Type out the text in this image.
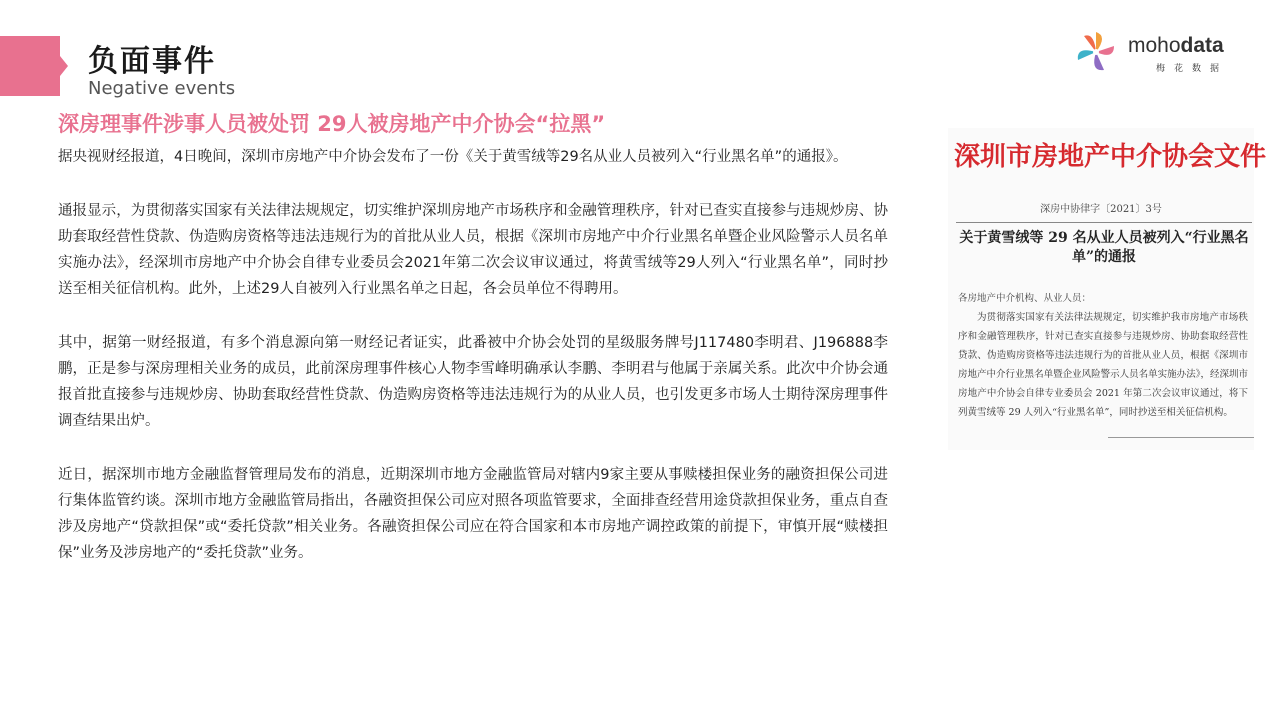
负面事件
Negative events
mohodata
梅花数据
深房理事件涉事人员被处罚 29人被房地产中介协会“拉黑”

据央视财经报道，4日晚间，深圳市房地产中介协会发布了一份《关于黄雪绒等29名从业人员被列入“行业黑名单”的通报》。

通报显示，为贯彻落实国家有关法律法规规定，切实维护深圳房地产市场秩序和金融管理秩序，针对已查实直接参与违规炒房、协助套取经营性贷款、伪造购房资格等违法违规行为的首批从业人员，根据《深圳市房地产中介行业黑名单暨企业风险警示人员名单实施办法》，经深圳市房地产中介协会自律专业委员会2021年第二次会议审议通过，将黄雪绒等29人列入“行业黑名单”，同时抄送至相关征信机构。此外，上述29人自被列入行业黑名单之日起，各会员单位不得聘用。

其中，据第一财经报道，有多个消息源向第一财经记者证实，此番被中介协会处罚的星级服务牌号J117480李明君、J196888李鹏，正是参与深房理相关业务的成员，此前深房理事件核心人物李雪峰明确承认李鹏、李明君与他属于亲属关系。此次中介协会通报首批直接参与违规炒房、协助套取经营性贷款、伪造购房资格等违法违规行为的从业人员，也引发更多市场人士期待深房理事件调查结果出炉。

近日，据深圳市地方金融监督管理局发布的消息，近期深圳市地方金融监管局对辖内9家主要从事赎楼担保业务的融资担保公司进行集体监管约谈。深圳市地方金融监管局指出，各融资担保公司应对照各项监管要求，全面排查经营用途贷款担保业务，重点自查涉及房地产“贷款担保”或“委托贷款”相关业务。各融资担保公司应在符合国家和本市房地产调控政策的前提下，审慎开展“赎楼担保”业务及涉房地产的“委托贷款”业务。

深圳市房地产中介协会文件
深房中协律字〔2021〕3号
关于黄雪绒等 29 名从业人员被列入“行业黑名单”的通报
各房地产中介机构、从业人员：
为贯彻落实国家有关法律法规规定，切实维护我市房地产市场秩序和金融管理秩序，针对已查实直接参与违规炒房、协助套取经营性贷款、伪造购房资格等违法违规行为的首批从业人员，根据《深圳市房地产中介行业黑名单暨企业风险警示人员名单实施办法》，经深圳市房地产中介协会自律专业委员会 2021 年第二次会议审议通过，将下列黄雪绒等 29 人列入“行业黑名单”，同时抄送至相关征信机构。
